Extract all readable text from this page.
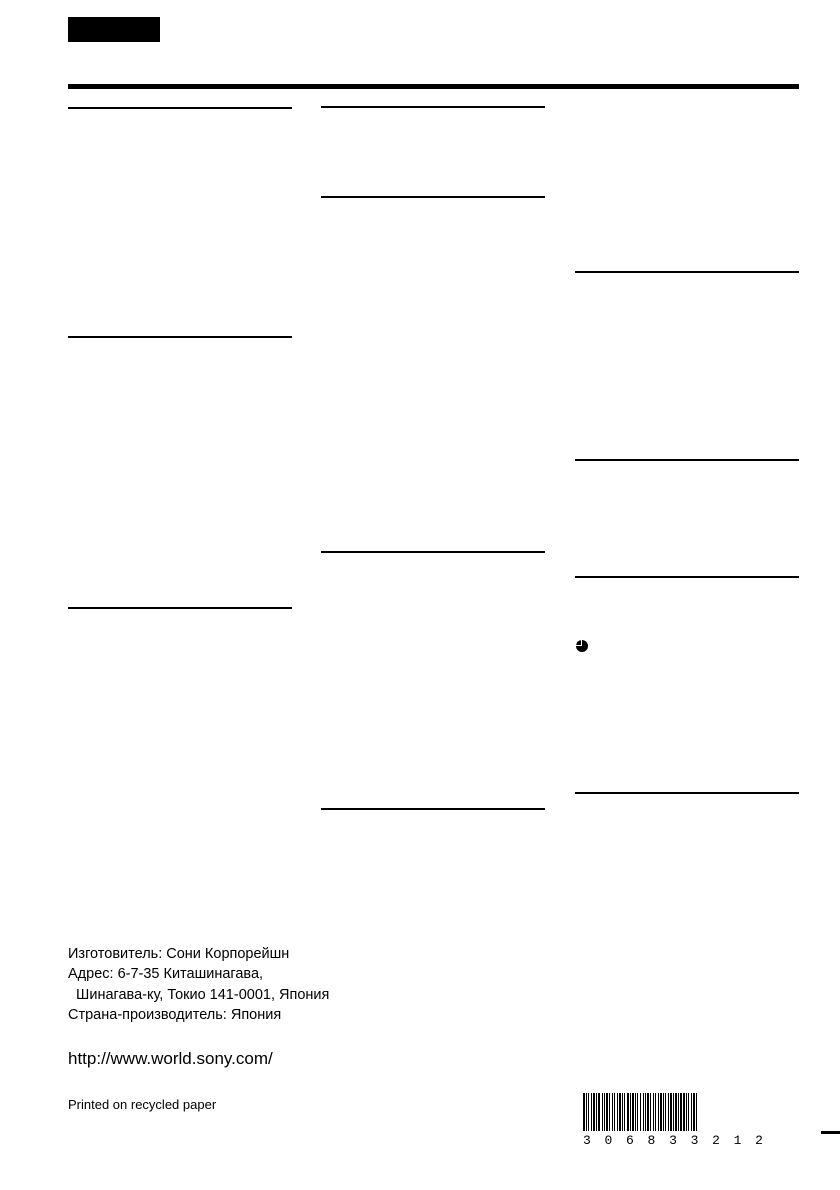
Изготовитель: Сони Корпорейшн
Адрес: 6-7-35 Киташинагава,
Шинагава-ку, Токио 141-0001, Япония
Страна-производитель: Япония
http://www.world.sony.com/
Printed on recycled paper
3 0 6 8 3 3 2 1 2
